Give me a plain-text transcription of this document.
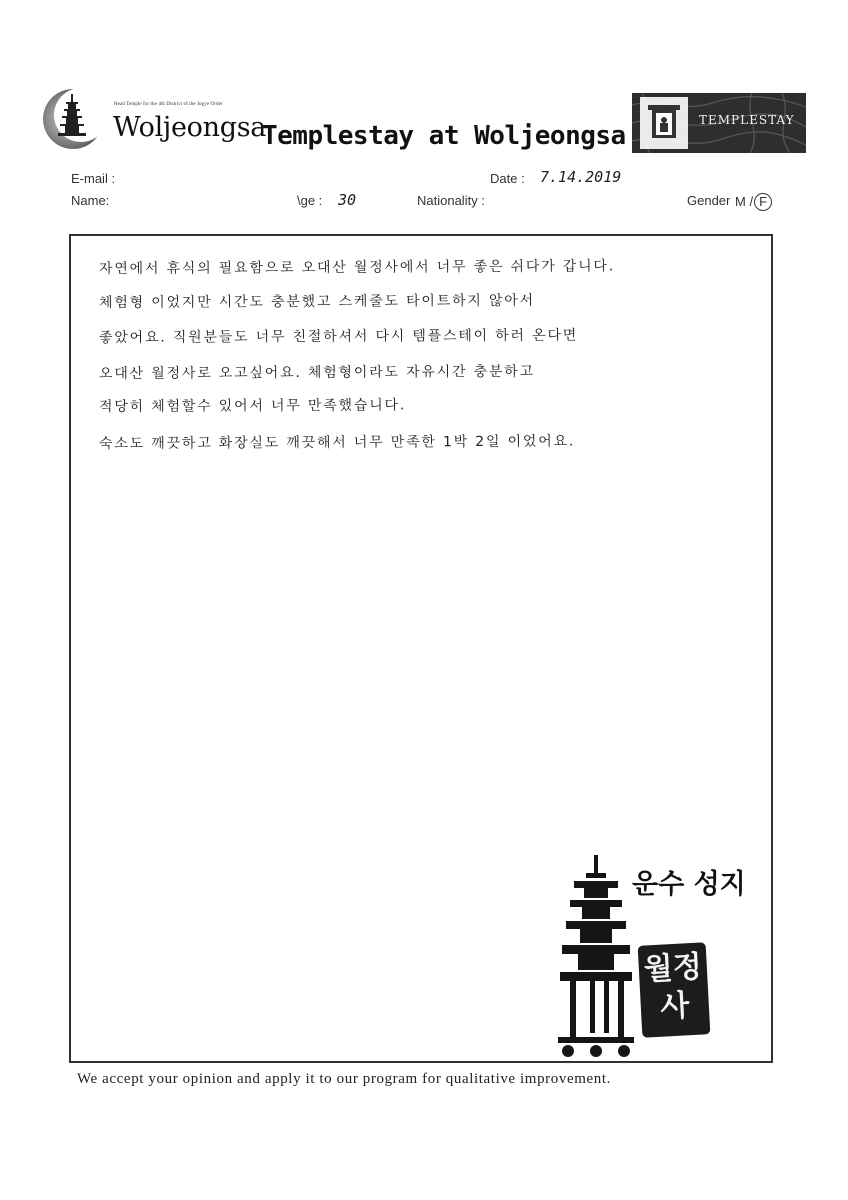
Head Temple for the 4th District of the Jogye Order
Woljeongsa
Templestay at Woljeongsa
TEMPLESTAY
E-mail :	Date : 7.14.2019
Name:	\ge : 30	Nationality :	Gender M / F
자연에서 휴식의 필요함으로 오대산 월정사에서 너무 좋은 쉬다가 갑니다.
체험형 이었지만 시간도 충분했고 스케줄도 타이트하지 않아서
좋았어요. 직원분들도 너무 친절하셔서 다시 템플스테이 하러 온다면
오대산 월정사로 오고싶어요. 체험형이라도 자유시간 충분하고
적당히 체험할수 있어서 너무 만족했습니다.
숙소도 깨끗하고 화장실도 깨끗해서 너무 만족한 1박 2일 이었어요.
운수 성지
월정 사
We accept your opinion and apply it to our program for qualitative improvement.
